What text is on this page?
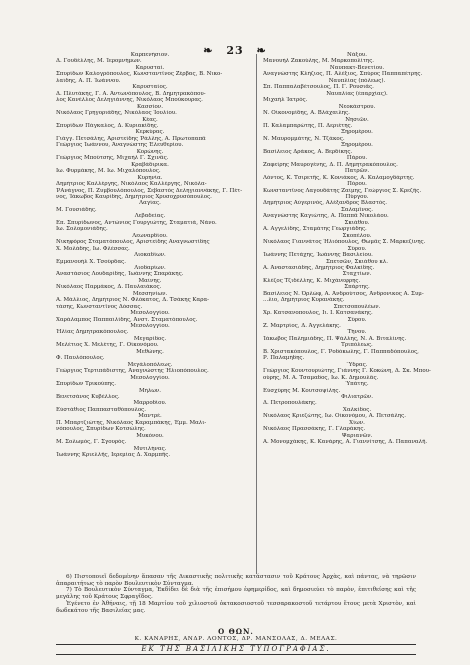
❧ 23 ❧
Καρπενήσιον.
Δ. Γουδέλλης, Μ. Ἱερομνήμων.
Καρυσταί.
Σπυρίδων Καλογρόπουλος, Κωνσταντῖνος Ζέρβας, Β. Νικο-
λαΐδης, Α. Π. Ἰωάννου.
Καρυσταίος.
Δ. Πλυτάκης, Γ. Α. Ἀντωνόπουλος, Β. Δημητρακόπου-
λος Κανέλλος Δεληγιάννης, Νικόλαος Μπούκουρας.
Κασσίον.
Νικόλαος Γρηγοριάδης, Νικόλαος Ἰουλίου.
Κέας.
Σπυρίδων Πάγκαλος, Δ. Κυριακίδης.
Κερκύρας.
Γιάγγ. Πετσάλης, Ἀριστείδης Ῥάλλης, Α. Πρωτοπαπᾶ
Γεώργιος Ἰωάννου, Ἀναγνώστης Ἐλευθερίου.
Κορώνης.
Γεώργιος Μπούτσης, Μιχαὴλ Γ. Σχινᾶς.
Κραβάδιρικα.
Ιω. Φυρμάκης, Μ. Ιω. Μιχαλόπουλος.
Κυρηνία.
Δημήτριος Καλλέργης, Νικόλαος Καλλέργης, Νικόλα-
ῬΑνάγνος, Π. Ζυμβουλόπουλος, Σεβαστὸς Δεληγιαννάκης, Γ. Πέτ-
νος, Ἰάκωβος Καυρίδης, Δημήτριος Χρυσοχρυσόπουλος.
Λαγίας.
Μ. Γουσιάδης.
Λεβαδείας.
Επ. Σπυρίδωνος, Αντώνιος Γουργιώτης, Σταματιὰ, Νάνο.
Ιω. Σολομονιάδης.
Λεωναρδίου.
Νικηφόρος Σταματόπουλος, Αριστείδης Αναγνωστίδης
Χ. Μολάδης, Ιω. Φλέσσας.
Λιοκαδίων.
Εμμανουὴλ Χ. Τσούρδας.
Λιοδαρίων.
Ἀναστάσιος Λουδαρίδης, Ἰωάννης Σπαράκης.
Μαΐνης.
Νικόλαος Παρμάκος, Δ. Παυλαιάκος.
Μεσσηνίων.
Α. Μάλλιος, Δημήτριος Ν. Φλόκατος, Δ. Τσάκης Καρα-
τάσης, Κωνσταντῖνος Δόσσας.
Μεσολογγίου.
Χαράλαμπος Παππαϊλίδης, Ἀνστ. Σταματόπουλος.
Μεσολογγίου.
Ἠλίας Δημητρακόπουλος.
Μεγαρίδος.
Μελέτιος Χ. Μελέτης, Γ. Οἰκονόμου.
Μεθώνης.
Φ. Παυλόπουλος.
Μεγάλοπόλεως.
Γεώργιος Τερτιπάδιστης, Ἀναγνώστης Ἠλιοπόπουλος.
Μεσολογγίου.
Σπυρίδων Τρικούπης.
Μήλων.
Βενετσάνος Κυβέλλος.
Μαρροδίου.
Εὐστάθιος Παππασταθόπουλος.
Μαντρέ.
Π. Μπαρτζιώτης, Νικόλαος Καραμπάκης, Ἐμμ. Μαλι-
νόπουλος, Σπυρίδων Κοτσώλης.
Μυκόνου.
Μ. Σολωμός, Γ. Σγουρὸς.
Μυτιλήνας.
Ἰωάννης Κριελλῆς, Ιερεμίας Δ. Χαρμπῆς.
Νάξου.
Μανουὴλ Ζακούλης, Μ. Μαρκοπολίτης.
Ναυπακτ-Βενετίου.
Ἀναγνώστης Κλήζιος, Π. Ἀλέξιος, Σπύρος Παππαπέτρης.
Ναυπλίας (πόλεως).
Σπ. Παππαλαβέτσουλος, Π. Γ. Ρουσιᾶς.
Ναυπλίας (ἐπαρχίας).
Μιχαὴλ Ἰατρός.
Νεοκάστρου.
Ν. Οἰκονομίδης, Α. Βλάχαιλης.
Νησιῶν.
Π. Καλαμπαρώτης, Π. Δεριέτης.
Ξηρομέρου.
Ν. Μαυρομμάτης, Ν. Τζάκος.
Ξηρομέρου.
Βασίλειος Δράκος, Α. Βερδίκης.
Πάρου.
Ζαφείρης Μαυρογένης, Δ. Π. Δημητρακόπουλος.
Πατρῶν.
Λόντος, Κ. Τσιρετῆς, Κ. Κονιάκος, Α. Καλαμογδάρτης.
Πόρου.
Κωνσταντῖνος Λαγουδάτης Ζαΐμης, Γεώργιος Σ. Κρεζῆς.
Πύργου.
Δημήτριος Αὐγερινός, Αλέξανδρος Βλαστὸς.
Σαλαμῖνος.
Ἀναγνώστης Καγιώτης, Α. Παππᾶ Νικολάου.
Σκιάθου.
Α. Αγγελίδης, Σταμάτης Γεωργιάδης.
Σκοπέλου.
Νικόλαος Γιαννάτος Ἠλιόπουλος, Θωμᾶς Σ. Μαρκεζίνης.
Σύρου.
Ἰωάννης Πετάχης, Ἰωάννης Βασιλείου.
Σπετσῶν, Σκιάθου κλ.
Α. Ἀναστασιάδης, Δημήτριος Φαλκίδης.
Σταχτίων.
Κλέζος Τζιδέλλης, Κ. Μιχάνεφρης.
Σπάρτης.
Βασίλειος Ν. Ὀρλὼφ, Α. Ἀνδρούτσος, Ἀνδρονικος Α. Συμ-
...λιο, Δημήτριος Κυρανάκης.
Σπετσοπουλέων.
Χρ. Κατσανοπουλος, Ιι. Ι. Κατσανάκης.
Σύρου.
Ζ. Μαρτρίος, Δ. Ἀγγελάκης.
Τήνου.
Ἰάκωβος Παλημιάδης, Π. Ψάλλης, Ν. Α. Βιταλίνης.
Τριπόλεως.
Β. Χριστακόπουλος, Γ. Ῥοδόκωλης, Γ. Παππαδόπουλος,
Ρ. Παλαμήδης.
Ὕδρας.
Γεώργιος Κουντουριώτης, Γιάννης Γ. Κοκώνη, Δ. Σκ. Μπου-
ούρης, Μ. Α. Τσαμαδος, Ιω. Κ. Δημουλᾶς.
Ὑπάτης.
Εὐσχύρης Μ. Κουτσοψίλης.
Φιλιατρῶν.
Δ. Πετροπουλάκης.
Χαλκίδος.
Νικόλαος Κριεζώτης, Ιω. Οἰκονόμου, Α. Πετσάλης.
Χίων.
Νικόλαος Πρασσάκης, Γ. Γλαράκης.
Ψαριανῶν.
Α. Μονομχάκης, Κ. Κανάρης, Α. Γιαννίτσης, Δ. Παπαναλῆ.
6) Πιστοποιεῖ δεδομένην ἅπασαν τῆς Δικαστικῆς πολιτικῆς κατάστασιν τοῦ Κράτους Ἀρχὰς, καὶ πάντας, νὰ τηρῶσιν ἀπαραιτήτως τὸ παρὸν Βουλευτικὸν Σύνταγμα.
7) Τὸ Βουλευτικὸν Σύνταγμα, Ἐκδίδει δὲ διὰ τῆς ἐπισήμου ἐφημερίδος, καὶ δημοσιεύει τὸ παρὸν, ἐπιτιθείσης καὶ τῆς μεγάλης τοῦ Κράτους Σφραγῖδος.
Ἐγένετο ἐν Ἀθήναις, τῇ 18 Μαρτίου τοῦ χιλιοστοῦ ὀκτακοσιοστοῦ τεσσαρακοστοῦ τετάρτου ἔτους μετὰ Χριστὸν, καὶ δωδεκάτου τῆς Βασιλείας μας.
Ο ΘΩΝ.
Κ. ΚΑΝΑΡΗΣ, ΑΝΔΡ. ΛΟΝΤΟΣ, ΔΡ. ΜΑΝΣΟΛΑΣ, Δ. ΜΕΛΑΣ.
ΕΚ ΤΗΣ ΒΑΣΙΛΙΚΗΣ ΤΥΠΟΓΡΑΦΙΑΣ.
